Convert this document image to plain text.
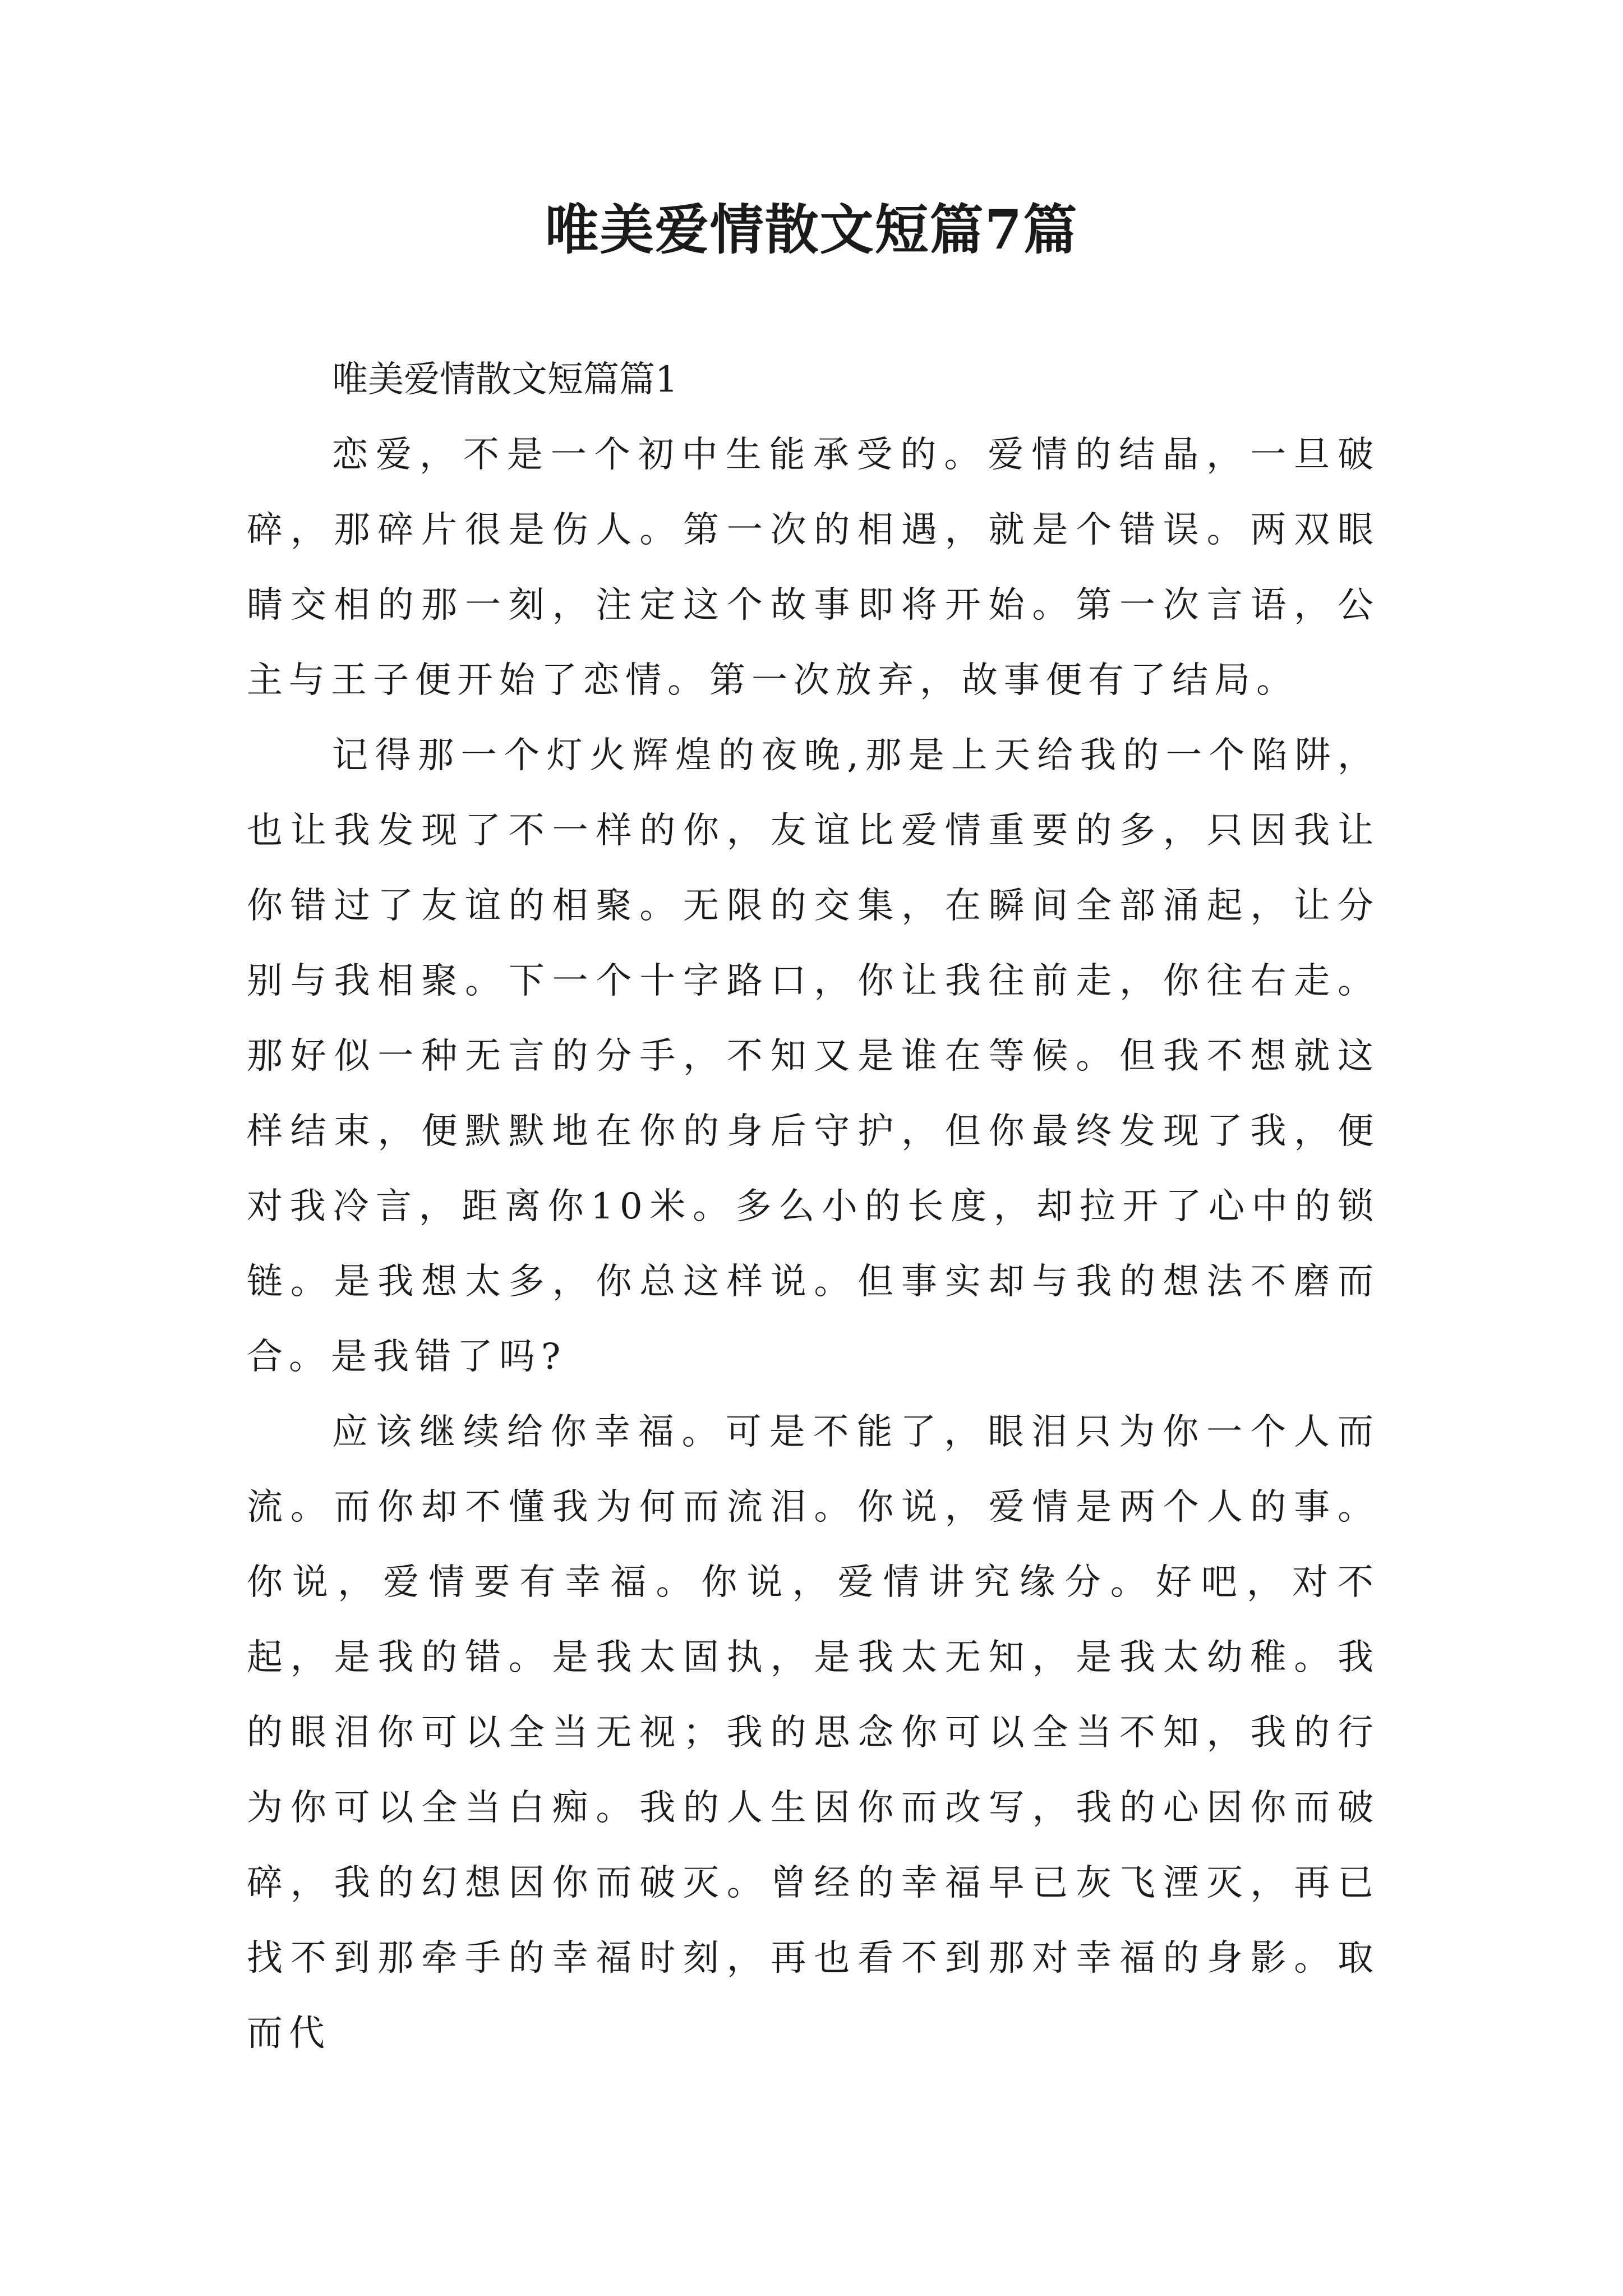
唯美爱情散文短篇7篇

唯美爱情散文短篇篇1

恋爱，不是一个初中生能承受的。爱情的结晶，一旦破碎，那碎片很是伤人。第一次的相遇，就是个错误。两双眼睛交相的那一刻，注定这个故事即将开始。第一次言语，公主与王子便开始了恋情。第一次放弃，故事便有了结局。

记得那一个灯火辉煌的夜晚,那是上天给我的一个陷阱，也让我发现了不一样的你，友谊比爱情重要的多，只因我让你错过了友谊的相聚。无限的交集，在瞬间全部涌起，让分别与我相聚。下一个十字路口，你让我往前走，你往右走。那好似一种无言的分手，不知又是谁在等候。但我不想就这样结束，便默默地在你的身后守护，但你最终发现了我，便对我冷言，距离你10米。多么小的长度，却拉开了心中的锁链。是我想太多，你总这样说。但事实却与我的想法不磨而合。是我错了吗?

应该继续给你幸福。可是不能了，眼泪只为你一个人而流。而你却不懂我为何而流泪。你说，爱情是两个人的事。你说，爱情要有幸福。你说，爱情讲究缘分。好吧，对不起，是我的错。是我太固执，是我太无知，是我太幼稚。我的眼泪你可以全当无视；我的思念你可以全当不知，我的行为你可以全当白痴。我的人生因你而改写，我的心因你而破碎，我的幻想因你而破灭。曾经的幸福早已灰飞湮灭，再已找不到那牵手的幸福时刻，再也看不到那对幸福的身影。取而代
